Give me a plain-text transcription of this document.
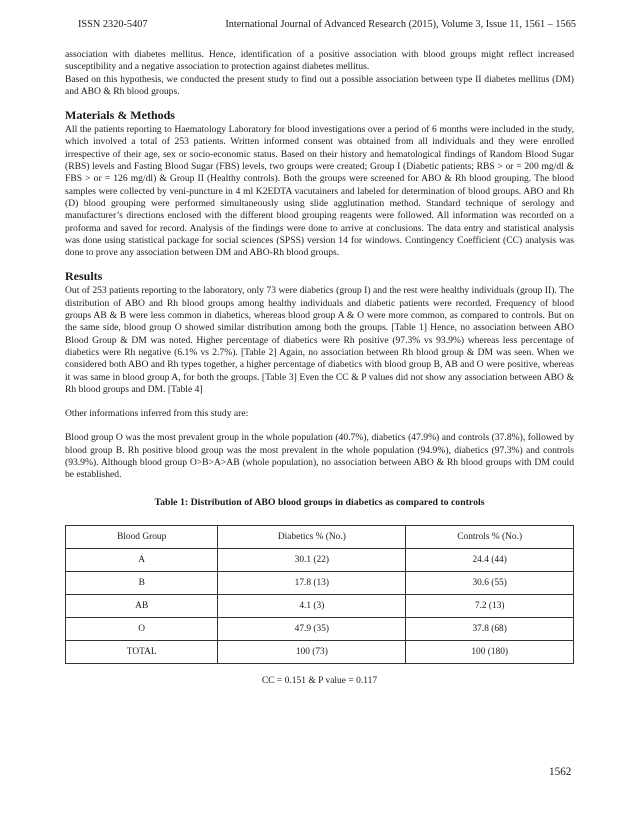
ISSN 2320-5407	International Journal of Advanced Research (2015), Volume 3, Issue 11, 1561 – 1565

association with diabetes mellitus. Hence, identification of a positive association with blood groups might reflect increased susceptibility and a negative association to protection against diabetes mellitus.

Based on this hypothesis, we conducted the present study to find out a possible association between type II diabetes mellitus (DM) and ABO & Rh blood groups.

Materials & Methods

All the patients reporting to Haematology Laboratory for blood investigations over a period of 6 months were included in the study, which involved a total of 253 patients. Written informed consent was obtained from all individuals and they were enrolled irrespective of their age, sex or socio-economic status. Based on their history and hematological findings of Random Blood Sugar (RBS) levels and Fasting Blood Sugar (FBS) levels, two groups were created; Group I (Diabetic patients; RBS > or = 200 mg/dl & FBS > or = 126 mg/dl) & Group II (Healthy controls). Both the groups were screened for ABO & Rh blood grouping. The blood samples were collected by veni-puncture in 4 ml K2EDTA vacutainers and labeled for determination of blood groups. ABO and Rh (D) blood grouping were performed simultaneously using slide agglutination method. Standard technique of serology and manufacturer’s directions enclosed with the different blood grouping reagents were followed. All information was recorded on a proforma and saved for record. Analysis of the findings were done to arrive at conclusions. The data entry and statistical analysis was done using statistical package for social sciences (SPSS) version 14 for windows. Contingency Coefficient (CC) analysis was done to prove any association between DM and ABO-Rh blood groups.

Results

Out of 253 patients reporting to the laboratory, only 73 were diabetics (group I) and the rest were healthy individuals (group II). The distribution of ABO and Rh blood groups among healthy individuals and diabetic patients were recorded. Frequency of blood groups AB & B were less common in diabetics, whereas blood group A & O were more common, as compared to controls. But on the same side, blood group O showed similar distribution among both the groups. [Table 1] Hence, no association between ABO Blood Group & DM was noted. Higher percentage of diabetics were Rh positive (97.3% vs 93.9%) whereas less percentage of diabetics were Rh negative (6.1% vs 2.7%). [Table 2] Again, no association between Rh blood group & DM was seen. When we considered both ABO and Rh types together, a higher percentage of diabetics with blood group B, AB and O were positive, whereas it was same in blood group A, for both the groups. [Table 3] Even the CC & P values did not show any association between ABO & Rh blood groups and DM. [Table 4]

Other informations inferred from this study are:

Blood group O was the most prevalent group in the whole population (40.7%), diabetics (47.9%) and controls (37.8%), followed by blood group B. Rh positive blood group was the most prevalent in the whole population (94.9%), diabetics (97.3%) and controls (93.9%). Although blood group O>B>A>AB (whole population), no association between ABO & Rh blood groups with DM could be established.

Table 1: Distribution of ABO blood groups in diabetics as compared to controls
Blood Group	Diabetics % (No.)	Controls % (No.)
A	30.1 (22)	24.4 (44)
B	17.8 (13)	30.6 (55)
AB	4.1 (3)	7.2 (13)
O	47.9 (35)	37.8 (68)
TOTAL	100 (73)	100 (180)
CC = 0.151 & P value = 0.117
1562
